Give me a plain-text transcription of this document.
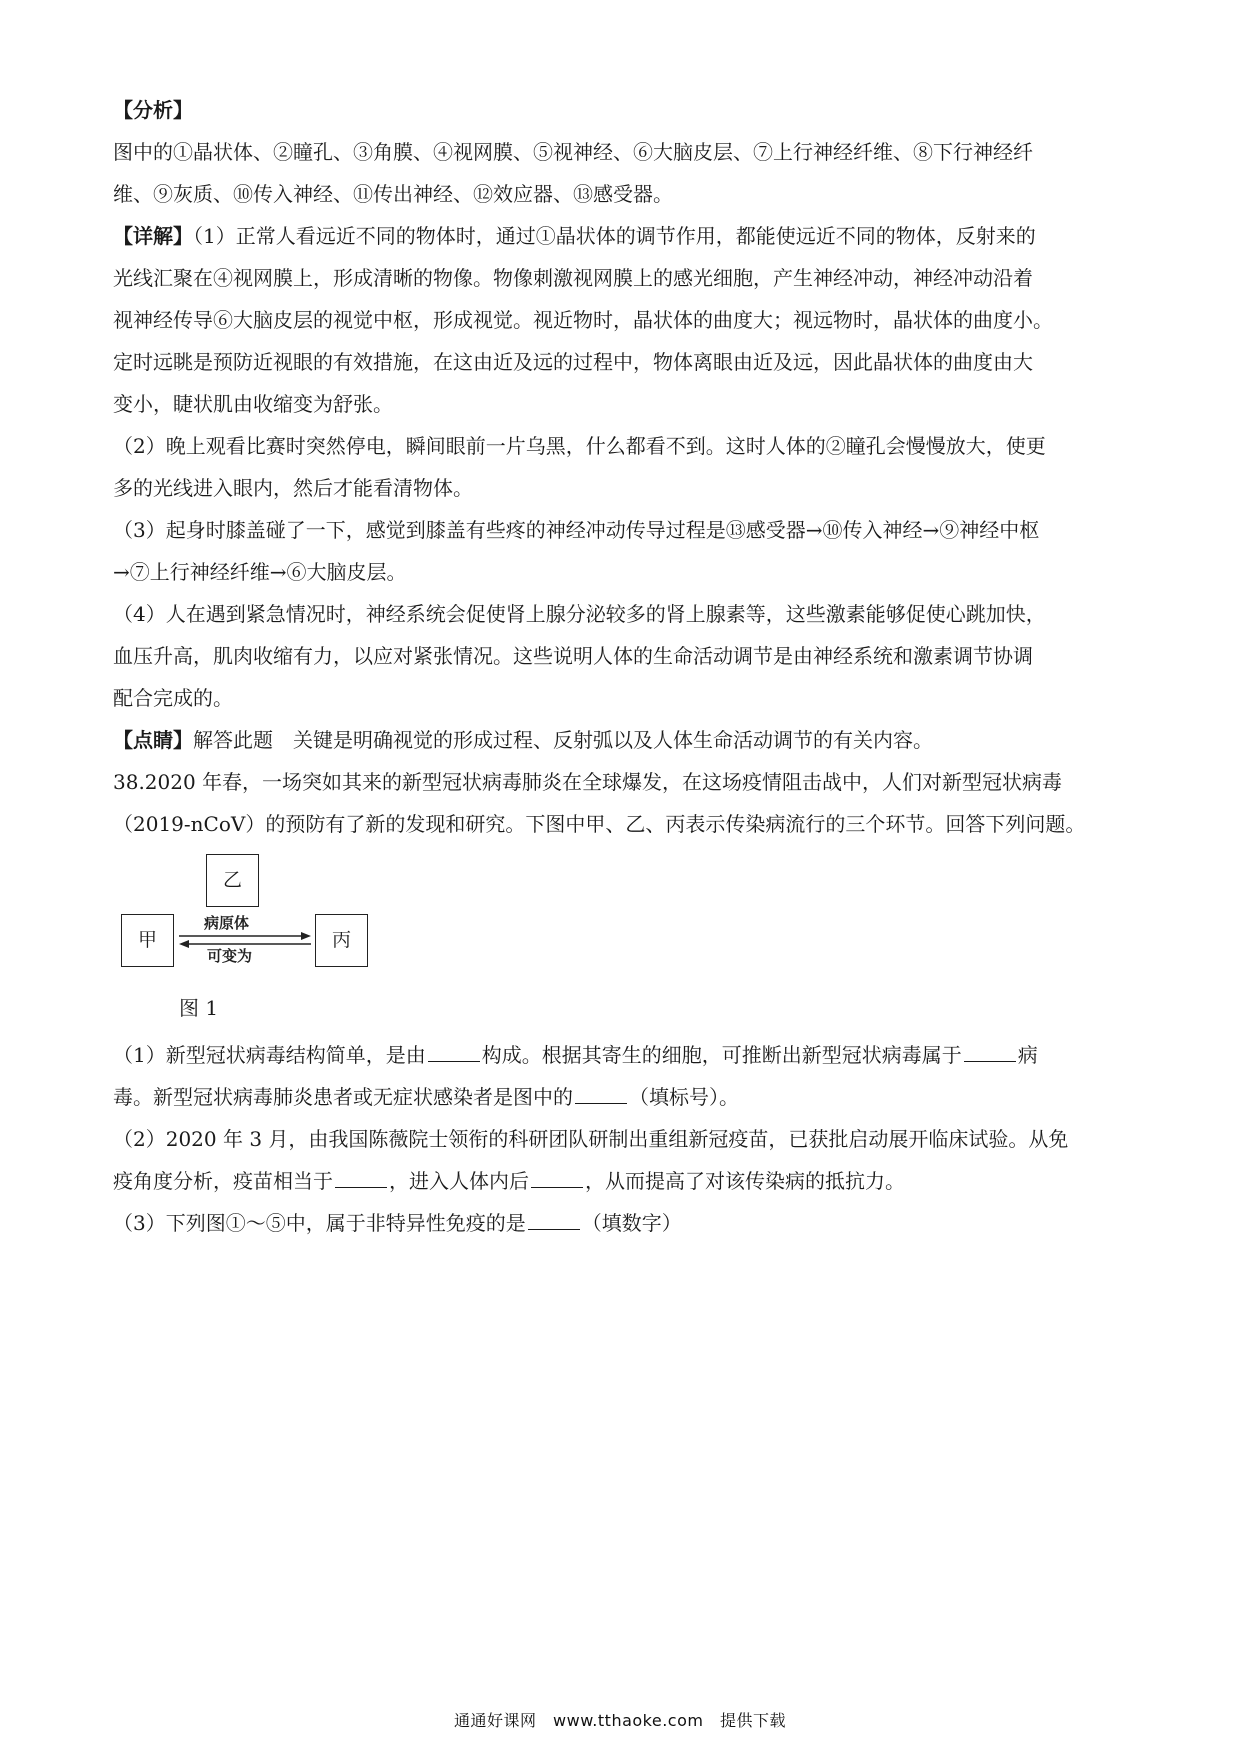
【分析】
图中的①晶状体、②瞳孔、③角膜、④视网膜、⑤视神经、⑥大脑皮层、⑦上行神经纤维、⑧下行神经纤
维、⑨灰质、⑩传入神经、⑪传出神经、⑫效应器、⑬感受器。
【详解】（1）正常人看远近不同的物体时，通过①晶状体的调节作用，都能使远近不同的物体，反射来的
光线汇聚在④视网膜上，形成清晰的物像。物像刺激视网膜上的感光细胞，产生神经冲动，神经冲动沿着
视神经传导⑥大脑皮层的视觉中枢，形成视觉。视近物时，晶状体的曲度大；视远物时，晶状体的曲度小。
定时远眺是预防近视眼的有效措施，在这由近及远的过程中，物体离眼由近及远，因此晶状体的曲度由大
变小，睫状肌由收缩变为舒张。
（2）晚上观看比赛时突然停电，瞬间眼前一片乌黑，什么都看不到。这时人体的②瞳孔会慢慢放大，使更
多的光线进入眼内，然后才能看清物体。
（3）起身时膝盖碰了一下，感觉到膝盖有些疼的神经冲动传导过程是⑬感受器→⑩传入神经→⑨神经中枢
→⑦上行神经纤维→⑥大脑皮层。
（4）人在遇到紧急情况时，神经系统会促使肾上腺分泌较多的肾上腺素等，这些激素能够促使心跳加快，
血压升高，肌肉收缩有力，以应对紧张情况。这些说明人体的生命活动调节是由神经系统和激素调节协调
配合完成的。
【点睛】解答此题　关键是明确视觉的形成过程、反射弧以及人体生命活动调节的有关内容。
38.2020 年春，一场突如其来的新型冠状病毒肺炎在全球爆发，在这场疫情阻击战中，人们对新型冠状病毒
（2019-nCoV）的预防有了新的发现和研究。下图中甲、乙、丙表示传染病流行的三个环节。回答下列问题。
乙
甲	丙
病原体
可变为
图 1
（1）新型冠状病毒结构简单，是由	构成。根据其寄生的细胞，可推断出新型冠状病毒属于	病
毒。新型冠状病毒肺炎患者或无症状感染者是图中的	（填标号）。
（2）2020 年 3 月，由我国陈薇院士领衔的科研团队研制出重组新冠疫苗，已获批启动展开临床试验。从免
疫角度分析，疫苗相当于	，进入人体内后	，从而提高了对该传染病的抵抗力。
（3）下列图①～⑤中，属于非特异性免疫的是	（填数字）
通通好课网　www.tthaoke.com　提供下载
